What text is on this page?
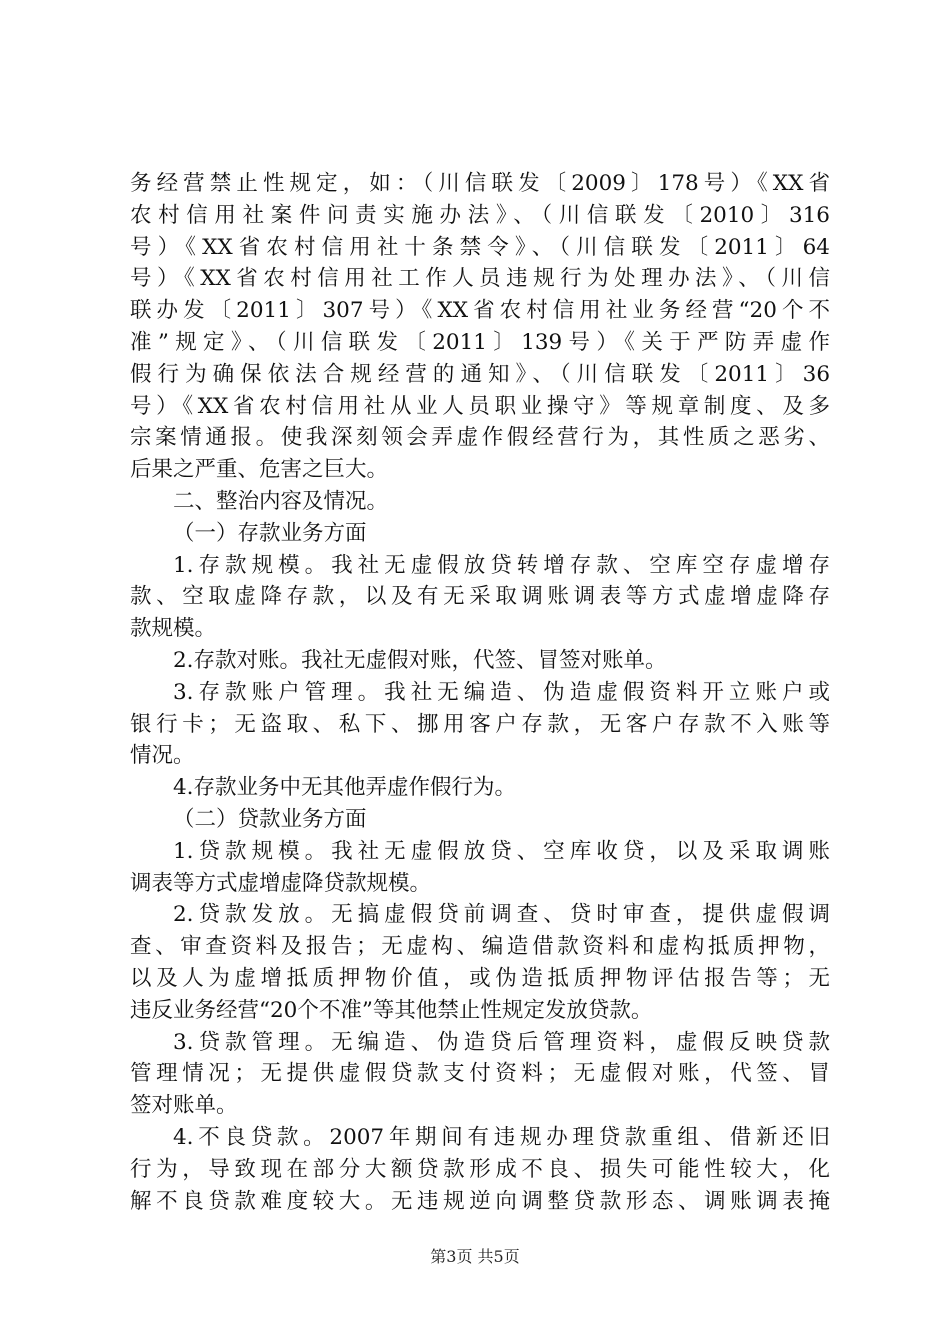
务经营禁止性规定，如：（川信联发〔2009〕178号）《XX省
农村信用社案件问责实施办法》、（川信联发〔2010〕316
号）《XX省农村信用社十条禁令》、（川信联发〔2011〕64
号）《XX省农村信用社工作人员违规行为处理办法》、（川信
联办发〔2011〕307号）《XX省农村信用社业务经营“20个不
准”规定》、（川信联发〔2011〕139号）《关于严防弄虚作
假行为确保依法合规经营的通知》、（川信联发〔2011〕36
号）《XX省农村信用社从业人员职业操守》等规章制度、及多
宗案情通报。使我深刻领会弄虚作假经营行为，其性质之恶劣、
后果之严重、危害之巨大。
二、整治内容及情况。
（一）存款业务方面
1.存款规模。我社无虚假放贷转增存款、空库空存虚增存
款、空取虚降存款，以及有无采取调账调表等方式虚增虚降存
款规模。
2.存款对账。我社无虚假对账，代签、冒签对账单。
3.存款账户管理。我社无编造、伪造虚假资料开立账户或
银行卡；无盗取、私下、挪用客户存款，无客户存款不入账等
情况。
4.存款业务中无其他弄虚作假行为。
（二）贷款业务方面
1.贷款规模。我社无虚假放贷、空库收贷，以及采取调账
调表等方式虚增虚降贷款规模。
2.贷款发放。无搞虚假贷前调查、贷时审查，提供虚假调
查、审查资料及报告；无虚构、编造借款资料和虚构抵质押物，
以及人为虚增抵质押物价值，或伪造抵质押物评估报告等；无
违反业务经营“20个不准”等其他禁止性规定发放贷款。
3.贷款管理。无编造、伪造贷后管理资料，虚假反映贷款
管理情况；无提供虚假贷款支付资料；无虚假对账，代签、冒
签对账单。
4.不良贷款。2007年期间有违规办理贷款重组、借新还旧
行为，导致现在部分大额贷款形成不良、损失可能性较大，化
解不良贷款难度较大。无违规逆向调整贷款形态、调账调表掩
第3页 共5页
